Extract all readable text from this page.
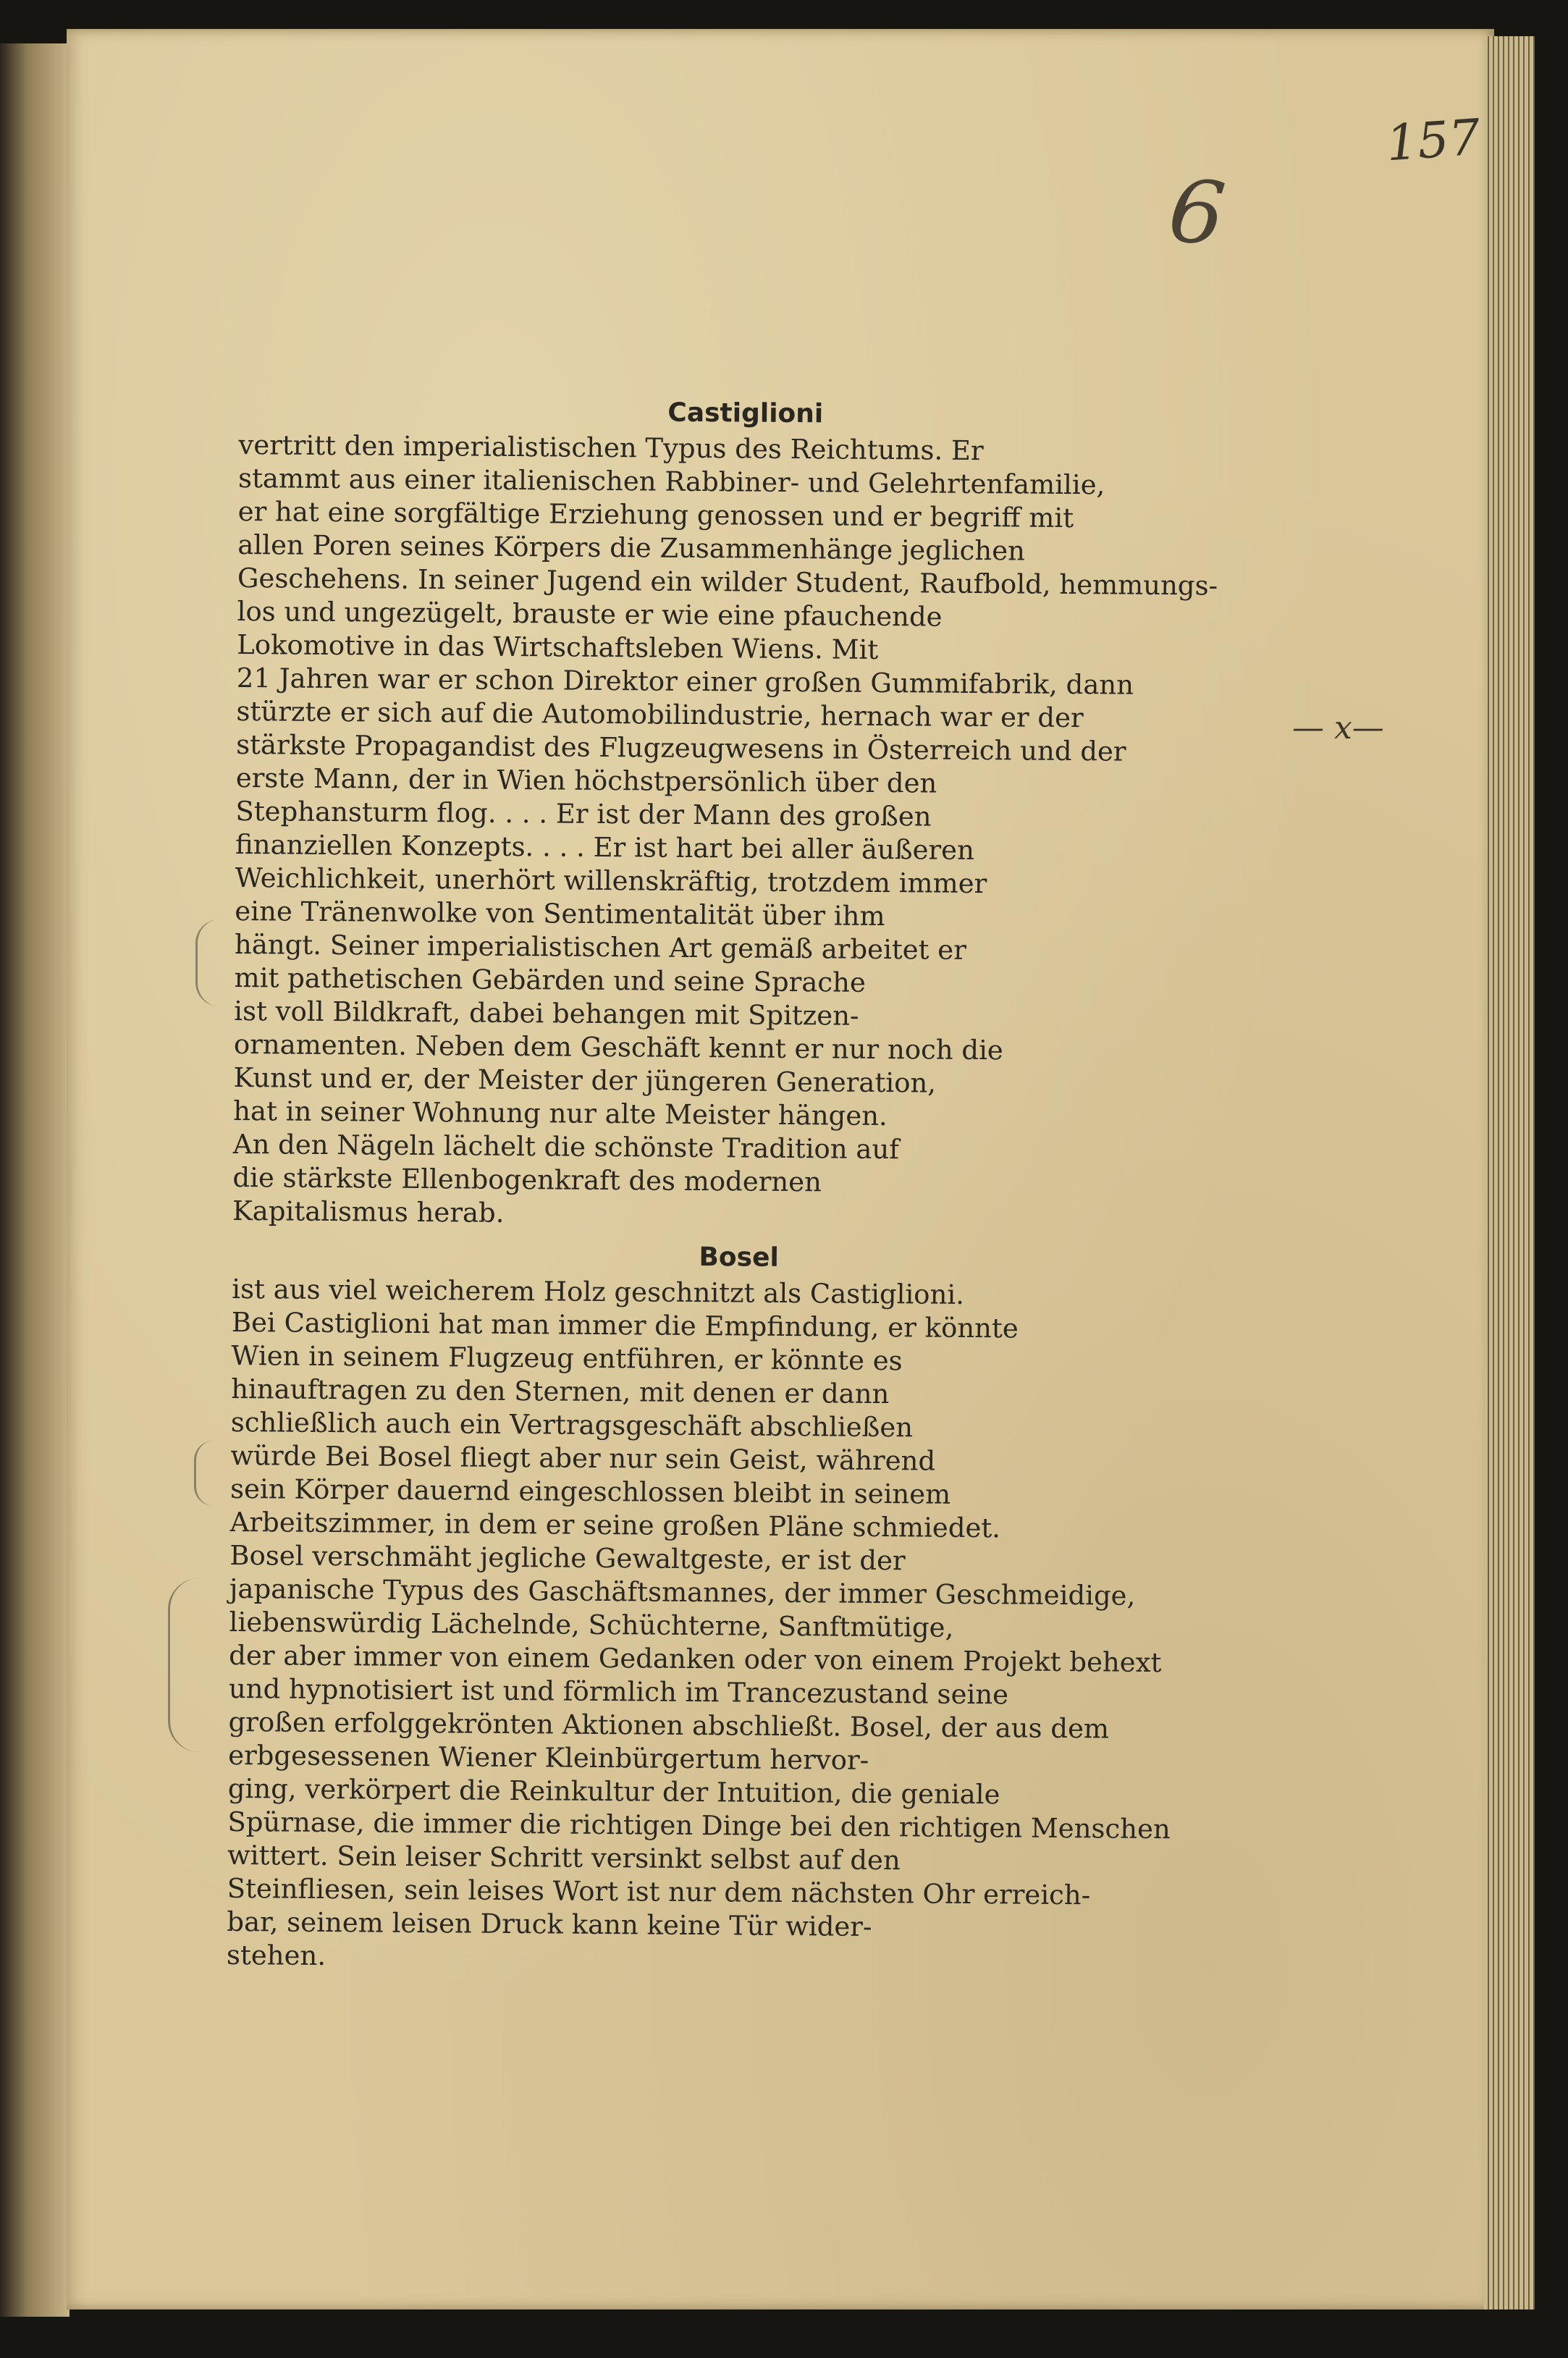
157
6
— x—
Castiglioni
vertritt den imperialistischen Typus des Reichtums. Er
stammt aus einer italienischen Rabbiner- und Gelehrtenfamilie,
er hat eine sorgfältige Erziehung genossen und er begriff mit
allen Poren seines Körpers die Zusammenhänge jeglichen
Geschehens. In seiner Jugend ein wilder Student, Raufbold, hemmungs-
los und ungezügelt, brauste er wie eine pfauchende
Lokomotive in das Wirtschaftsleben Wiens. Mit
21 Jahren war er schon Direktor einer großen Gummifabrik, dann
stürzte er sich auf die Automobilindustrie, hernach war er der
stärkste Propagandist des Flugzeugwesens in Österreich und der
erste Mann, der in Wien höchstpersönlich über den
Stephansturm flog. . . . Er ist der Mann des großen
finanziellen Konzepts. . . . Er ist hart bei aller äußeren
Weichlichkeit, unerhört willenskräftig, trotzdem immer
eine Tränenwolke von Sentimentalität über ihm
hängt. Seiner imperialistischen Art gemäß arbeitet er
mit pathetischen Gebärden und seine Sprache
ist voll Bildkraft, dabei behangen mit Spitzen-
ornamenten. Neben dem Geschäft kennt er nur noch die
Kunst und er, der Meister der jüngeren Generation,
hat in seiner Wohnung nur alte Meister hängen.
An den Nägeln lächelt die schönste Tradition auf
die stärkste Ellenbogenkraft des modernen
Kapitalismus herab.
Bosel
ist aus viel weicherem Holz geschnitzt als Castiglioni.
Bei Castiglioni hat man immer die Empfindung, er könnte
Wien in seinem Flugzeug entführen, er könnte es
hinauftragen zu den Sternen, mit denen er dann
schließlich auch ein Vertragsgeschäft abschließen
würde Bei Bosel fliegt aber nur sein Geist, während
sein Körper dauernd eingeschlossen bleibt in seinem
Arbeitszimmer, in dem er seine großen Pläne schmiedet.
Bosel verschmäht jegliche Gewaltgeste, er ist der
japanische Typus des Gaschäftsmannes, der immer Geschmeidige,
liebenswürdig Lächelnde, Schüchterne, Sanftmütige,
der aber immer von einem Gedanken oder von einem Projekt behext
und hypnotisiert ist und förmlich im Trancezustand seine
großen erfolggekrönten Aktionen abschließt. Bosel, der aus dem
erbgesessenen Wiener Kleinbürgertum hervor-
ging, verkörpert die Reinkultur der Intuition, die geniale
Spürnase, die immer die richtigen Dinge bei den richtigen Menschen
wittert. Sein leiser Schritt versinkt selbst auf den
Steinfliesen, sein leises Wort ist nur dem nächsten Ohr erreich-
bar, seinem leisen Druck kann keine Tür wider-
stehen.
